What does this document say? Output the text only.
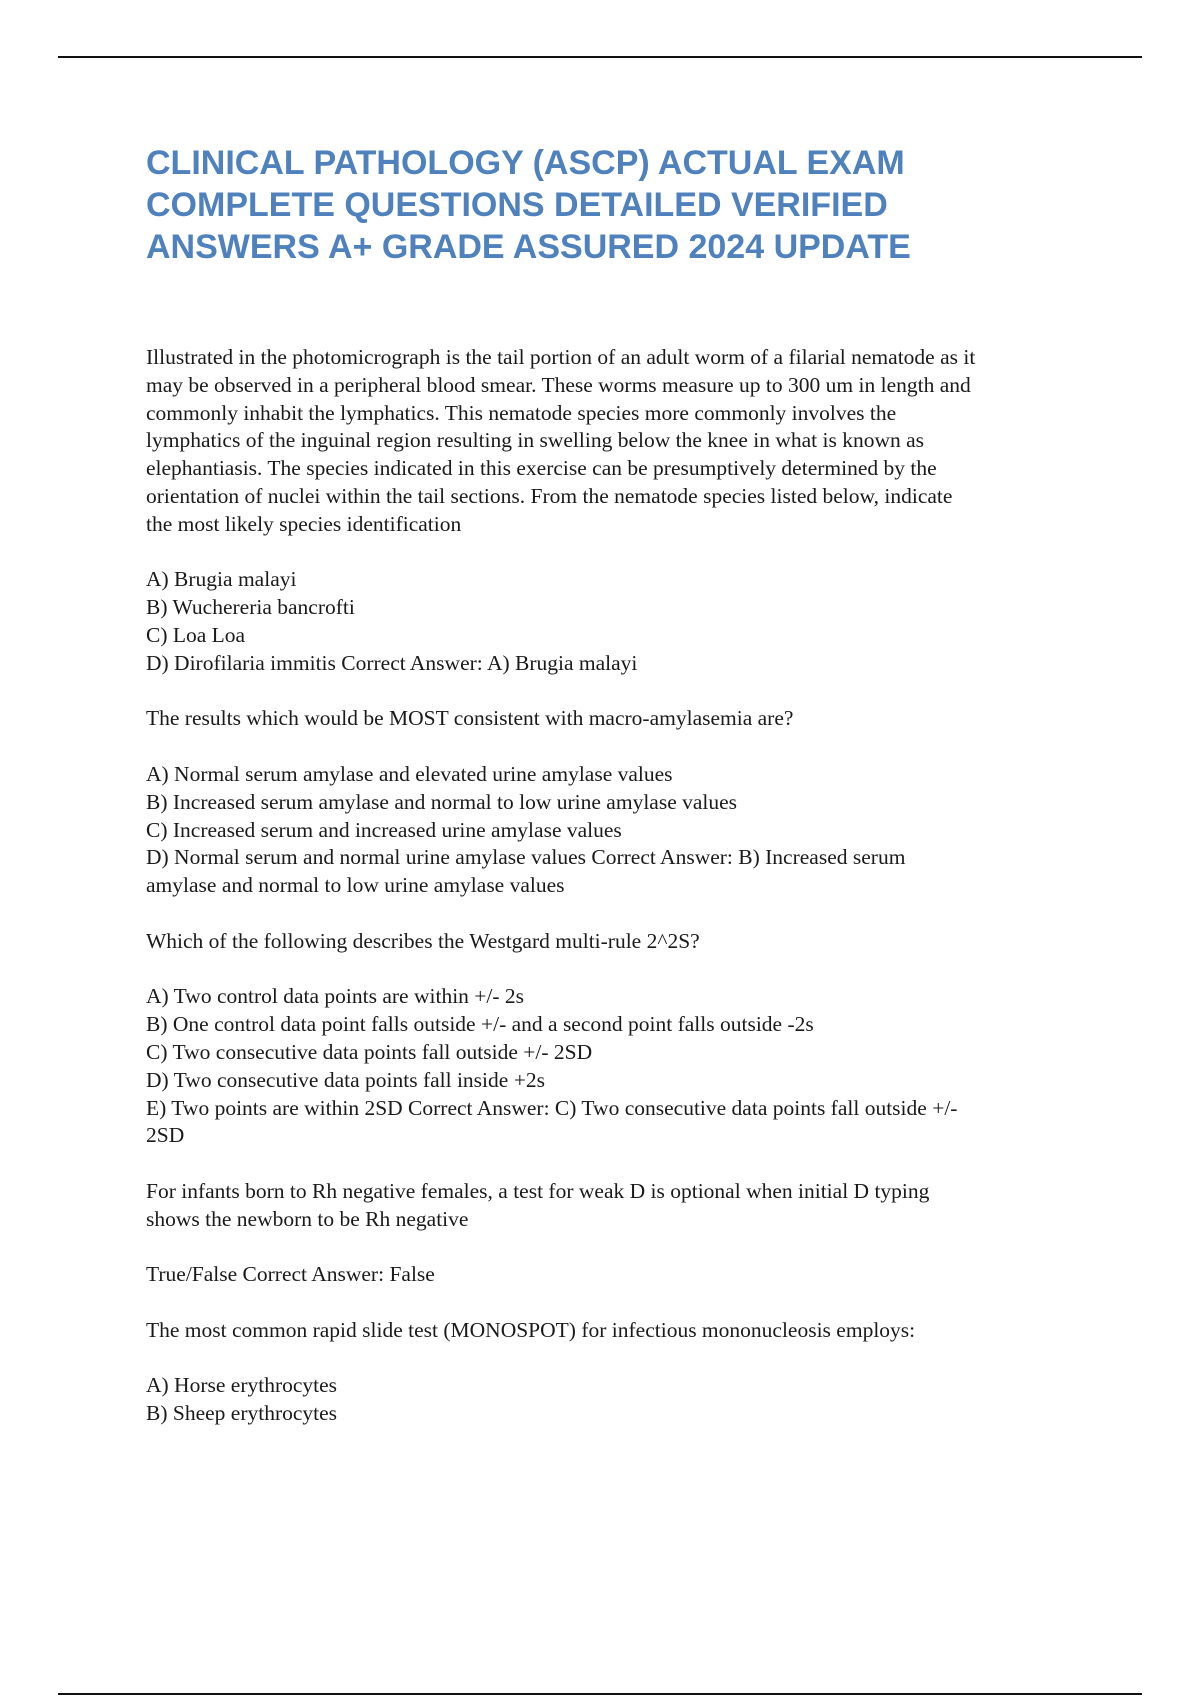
CLINICAL PATHOLOGY (ASCP) ACTUAL EXAM
COMPLETE QUESTIONS DETAILED VERIFIED
ANSWERS A+ GRADE ASSURED 2024 UPDATE

Illustrated in the photomicrograph is the tail portion of an adult worm of a filarial nematode as it
may be observed in a peripheral blood smear. These worms measure up to 300 um in length and
commonly inhabit the lymphatics. This nematode species more commonly involves the
lymphatics of the inguinal region resulting in swelling below the knee in what is known as
elephantiasis. The species indicated in this exercise can be presumptively determined by the
orientation of nuclei within the tail sections. From the nematode species listed below, indicate
the most likely species identification

A) Brugia malayi
B) Wuchereria bancrofti
C) Loa Loa
D) Dirofilaria immitis Correct Answer: A) Brugia malayi

The results which would be MOST consistent with macro-amylasemia are?

A) Normal serum amylase and elevated urine amylase values
B) Increased serum amylase and normal to low urine amylase values
C) Increased serum and increased urine amylase values
D) Normal serum and normal urine amylase values Correct Answer: B) Increased serum
amylase and normal to low urine amylase values

Which of the following describes the Westgard multi-rule 2^2S?

A) Two control data points are within +/- 2s
B) One control data point falls outside +/- and a second point falls outside -2s
C) Two consecutive data points fall outside +/- 2SD
D) Two consecutive data points fall inside +2s
E) Two points are within 2SD Correct Answer: C) Two consecutive data points fall outside +/-
2SD

For infants born to Rh negative females, a test for weak D is optional when initial D typing
shows the newborn to be Rh negative

True/False Correct Answer: False

The most common rapid slide test (MONOSPOT) for infectious mononucleosis employs:

A) Horse erythrocytes
B) Sheep erythrocytes
